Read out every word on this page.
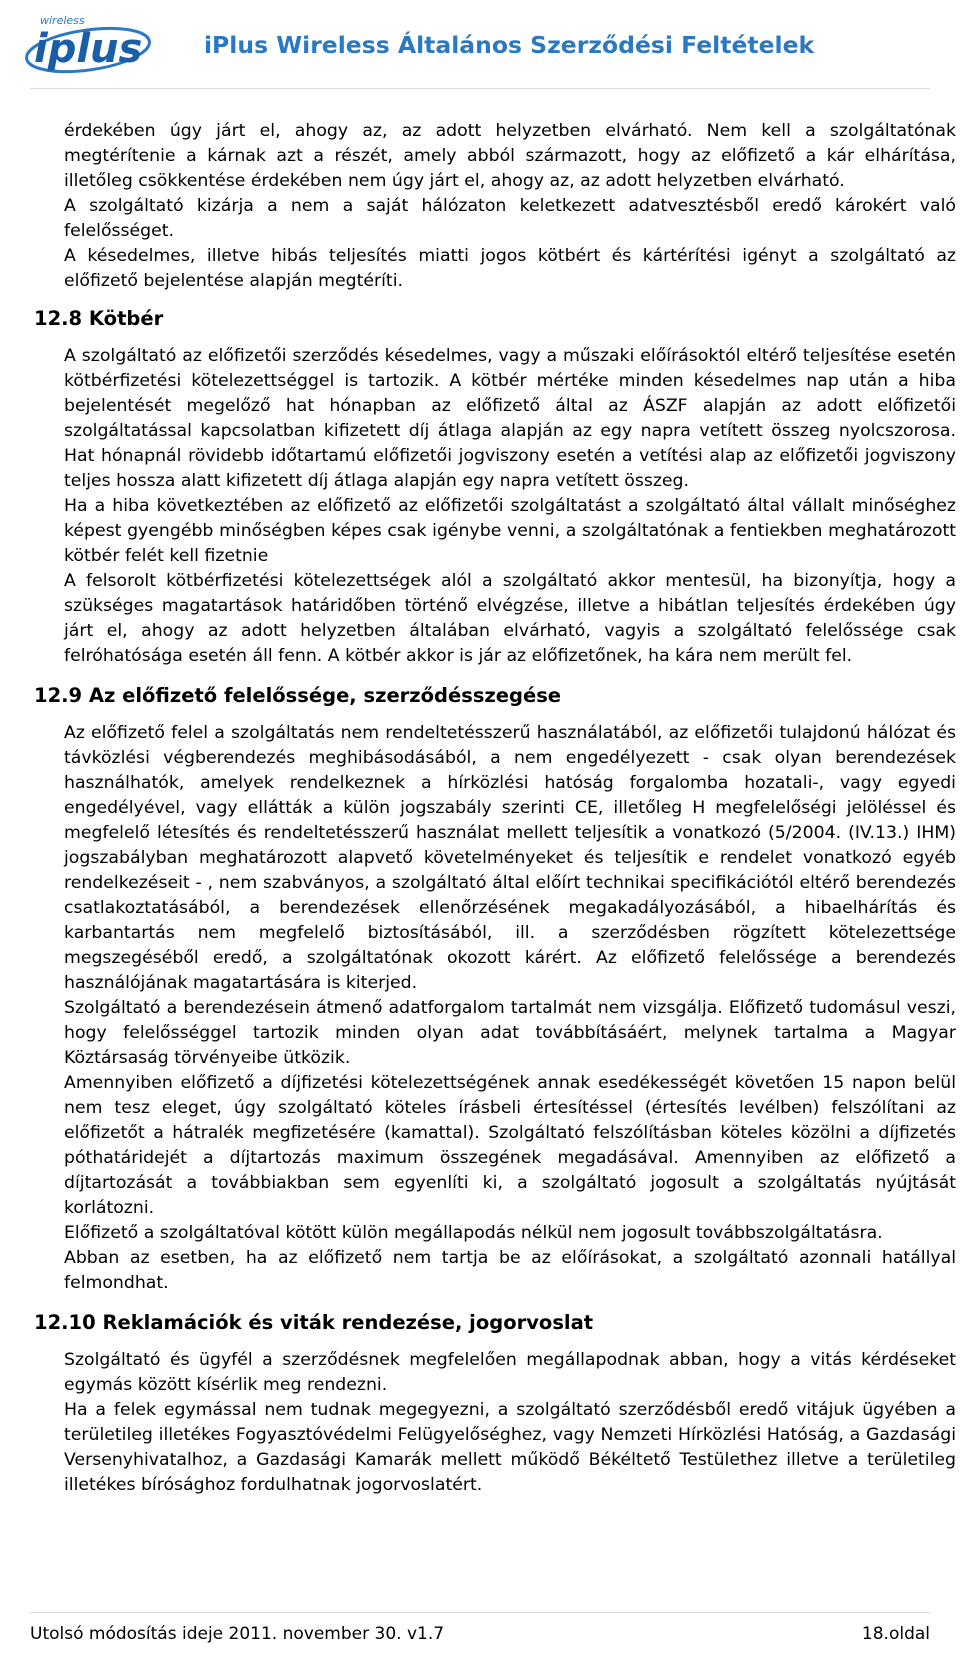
wireless
iplus	iPlus Wireless Általános Szerződési Feltételek

érdekében úgy járt el, ahogy az, az adott helyzetben elvárható. Nem kell a szolgáltatónak megtérítenie a kárnak azt a részét, amely abból származott, hogy az előfizető a kár elhárítása, illetőleg csökkentése érdekében nem úgy járt el, ahogy az, az adott helyzetben elvárható.

A szolgáltató kizárja a nem a saját hálózaton keletkezett adatvesztésből eredő károkért való felelősséget.

A késedelmes, illetve hibás teljesítés miatti jogos kötbért és kártérítési igényt a szolgáltató az előfizető bejelentése alapján megtéríti.

12.8 Kötbér

A szolgáltató az előfizetői szerződés késedelmes, vagy a műszaki előírásoktól eltérő teljesítése esetén kötbérfizetési kötelezettséggel is tartozik. A kötbér mértéke minden késedelmes nap után a hiba bejelentését megelőző hat hónapban az előfizető által az ÁSZF alapján az adott előfizetői szolgáltatással kapcsolatban kifizetett díj átlaga alapján az egy napra vetített összeg nyolcszorosa. Hat hónapnál rövidebb időtartamú előfizetői jogviszony esetén a vetítési alap az előfizetői jogviszony teljes hossza alatt kifizetett díj átlaga alapján egy napra vetített összeg.

Ha a hiba következtében az előfizető az előfizetői szolgáltatást a szolgáltató által vállalt minőséghez képest gyengébb minőségben képes csak igénybe venni, a szolgáltatónak a fentiekben meghatározott kötbér felét kell fizetnie

A felsorolt kötbérfizetési kötelezettségek alól a szolgáltató akkor mentesül, ha bizonyítja, hogy a szükséges magatartások határidőben történő elvégzése, illetve a hibátlan teljesítés érdekében úgy járt el, ahogy az adott helyzetben általában elvárható, vagyis a szolgáltató felelőssége csak felróhatósága esetén áll fenn. A kötbér akkor is jár az előfizetőnek, ha kára nem merült fel.

12.9 Az előfizető felelőssége, szerződésszegése

Az előfizető felel a szolgáltatás nem rendeltetésszerű használatából, az előfizetői tulajdonú hálózat és távközlési végberendezés meghibásodásából, a nem engedélyezett - csak olyan berendezések használhatók, amelyek rendelkeznek a hírközlési hatóság forgalomba hozatali-, vagy egyedi engedélyével, vagy ellátták a külön jogszabály szerinti CE, illetőleg H megfelelőségi jelöléssel és megfelelő létesítés és rendeltetésszerű használat mellett teljesítik a vonatkozó (5/2004. (IV.13.) IHM) jogszabályban meghatározott alapvető követelményeket és teljesítik e rendelet vonatkozó egyéb rendelkezéseit - , nem szabványos, a szolgáltató által előírt technikai specifikációtól eltérő berendezés csatlakoztatásából, a berendezések ellenőrzésének megakadályozásából, a hibaelhárítás és karbantartás nem megfelelő biztosításából, ill. a szerződésben rögzített kötelezettsége megszegéséből eredő, a szolgáltatónak okozott kárért. Az előfizető felelőssége a berendezés használójának magatartására is kiterjed.

Szolgáltató a berendezésein átmenő adatforgalom tartalmát nem vizsgálja. Előfizető tudomásul veszi, hogy felelősséggel tartozik minden olyan adat továbbításáért, melynek tartalma a Magyar Köztársaság törvényeibe ütközik.

Amennyiben előfizető a díjfizetési kötelezettségének annak esedékességét követően 15 napon belül nem tesz eleget, úgy szolgáltató köteles írásbeli értesítéssel (értesítés levélben) felszólítani az előfizetőt a hátralék megfizetésére (kamattal). Szolgáltató felszólításban köteles közölni a díjfizetés póthatáridejét a díjtartozás maximum összegének megadásával. Amennyiben az előfizető a díjtartozását a továbbiakban sem egyenlíti ki, a szolgáltató jogosult a szolgáltatás nyújtását korlátozni.

Előfizető a szolgáltatóval kötött külön megállapodás nélkül nem jogosult továbbszolgáltatásra.

Abban az esetben, ha az előfizető nem tartja be az előírásokat, a szolgáltató azonnali hatállyal felmondhat.

12.10 Reklamációk és viták rendezése, jogorvoslat

Szolgáltató és ügyfél a szerződésnek megfelelően megállapodnak abban, hogy a vitás kérdéseket egymás között kísérlik meg rendezni.

Ha a felek egymással nem tudnak megegyezni, a szolgáltató szerződésből eredő vitájuk ügyében a területileg illetékes Fogyasztóvédelmi Felügyelőséghez, vagy Nemzeti Hírközlési Hatóság, a Gazdasági Versenyhivatalhoz, a Gazdasági Kamarák mellett működő Békéltető Testülethez illetve a területileg illetékes bírósághoz fordulhatnak jogorvoslatért.

Utolsó módosítás ideje 2011. november 30. v1.7	18.oldal
